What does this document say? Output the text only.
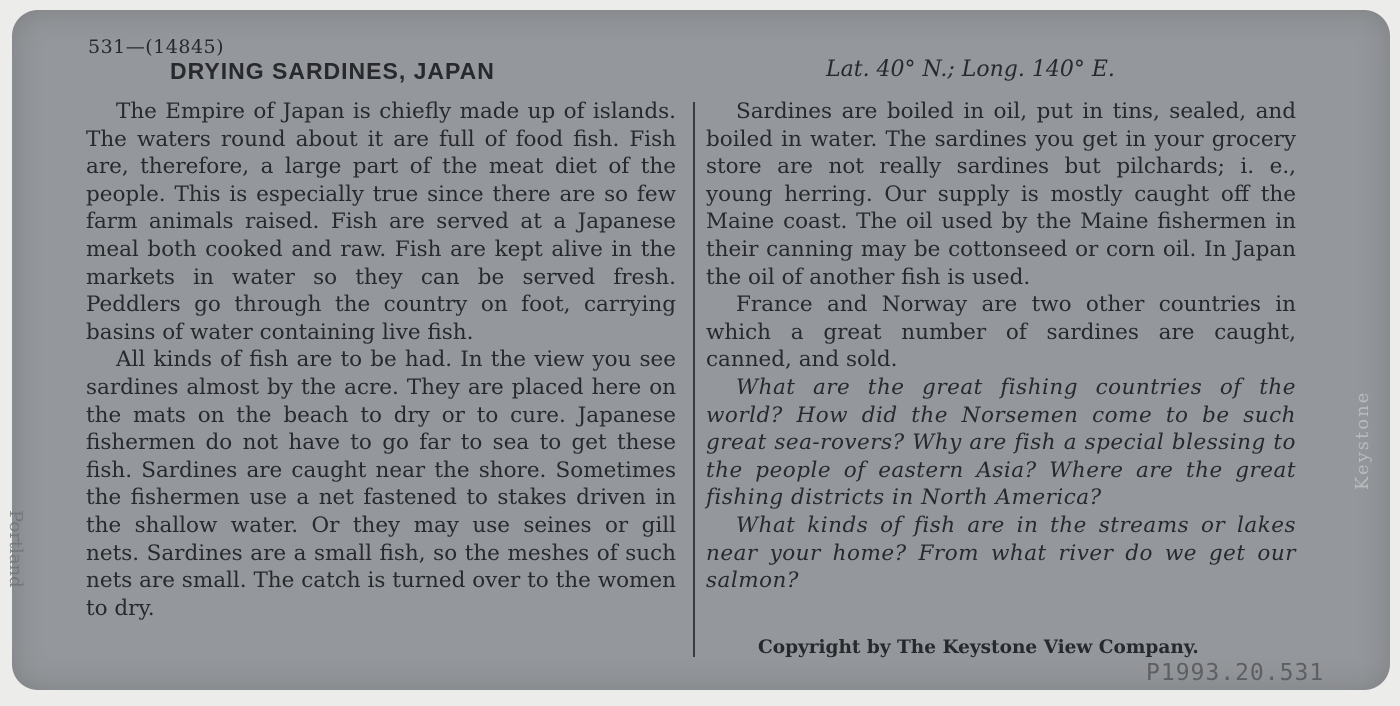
531—(14845)
DRYING SARDINES, JAPAN	Lat. 40° N.; Long. 140° E.

The Empire of Japan is chiefly made up of islands. The waters round about it are full of food fish. Fish are, therefore, a large part of the meat diet of the people. This is especially true since there are so few farm animals raised. Fish are served at a Japanese meal both cooked and raw. Fish are kept alive in the markets in water so they can be served fresh. Peddlers go through the country on foot, carrying basins of water containing live fish.

All kinds of fish are to be had. In the view you see sardines almost by the acre. They are placed here on the mats on the beach to dry or to cure. Japanese fishermen do not have to go far to sea to get these fish. Sardines are caught near the shore. Sometimes the fishermen use a net fastened to stakes driven in the shallow water. Or they may use seines or gill nets. Sardines are a small fish, so the meshes of such nets are small. The catch is turned over to the women to dry.

Sardines are boiled in oil, put in tins, sealed, and boiled in water. The sardines you get in your grocery store are not really sardines but pilchards; i. e., young herring. Our supply is mostly caught off the Maine coast. The oil used by the Maine fishermen in their canning may be cottonseed or corn oil. In Japan the oil of another fish is used.

France and Norway are two other countries in which a great number of sardines are caught, canned, and sold.

What are the great fishing countries of the world? How did the Norsemen come to be such great sea-rovers? Why are fish a special blessing to the people of eastern Asia? Where are the great fishing districts in North America?

What kinds of fish are in the streams or lakes near your home? From what river do we get our salmon?

Copyright by The Keystone View Company.
Portland
Keystone
P1993.20.531
